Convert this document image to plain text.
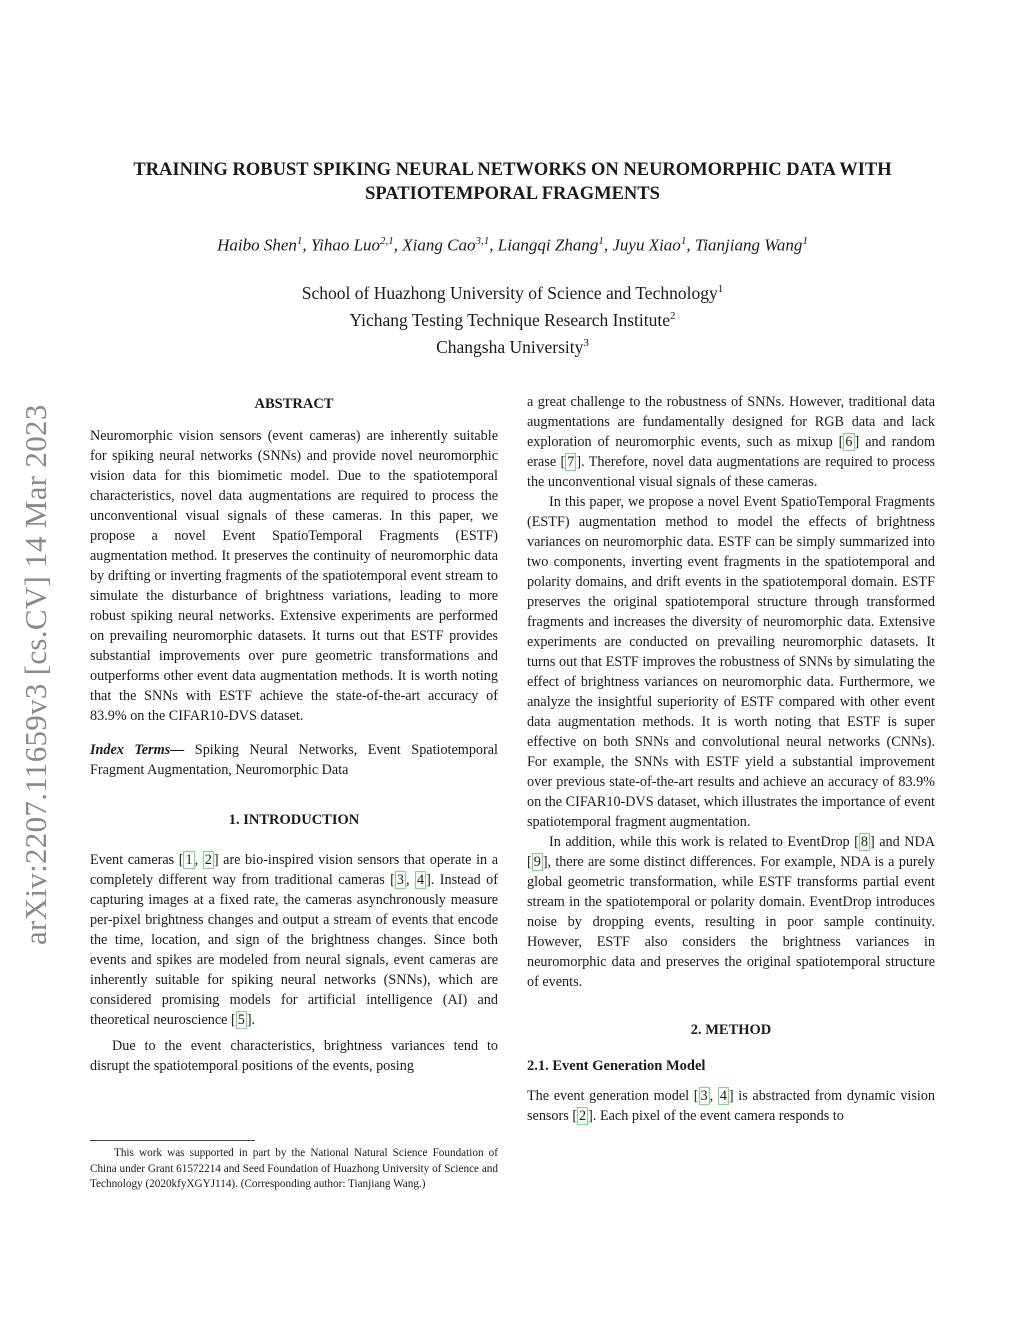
arXiv:2207.11659v3 [cs.CV] 14 Mar 2023
TRAINING ROBUST SPIKING NEURAL NETWORKS ON NEUROMORPHIC DATA WITH
SPATIOTEMPORAL FRAGMENTS
Haibo Shen$^1$, Yihao Luo$^{2,1}$, Xiang Cao$^{3,1}$, Liangqi Zhang$^1$, Juyu Xiao$^1$, Tianjiang Wang$^1$
School of Huazhong University of Science and Technology$^1$
Yichang Testing Technique Research Institute$^2$
Changsha University$^3$
ABSTRACT

Neuromorphic vision sensors (event cameras) are inherently suitable for spiking neural networks (SNNs) and provide novel neuromorphic vision data for this biomimetic model. Due to the spatiotemporal characteristics, novel data augmentations are required to process the unconventional visual signals of these cameras. In this paper, we propose a novel Event SpatioTemporal Fragments (ESTF) augmentation method. It preserves the continuity of neuromorphic data by drifting or inverting fragments of the spatiotemporal event stream to simulate the disturbance of brightness variations, leading to more robust spiking neural networks. Extensive experiments are performed on prevailing neuromorphic datasets. It turns out that ESTF provides substantial improvements over pure geometric transformations and outperforms other event data augmentation methods. It is worth noting that the SNNs with ESTF achieve the state-of-the-art accuracy of 83.9% on the CIFAR10-DVS dataset.

Index Terms— Spiking Neural Networks, Event Spatiotemporal Fragment Augmentation, Neuromorphic Data

1. INTRODUCTION

Event cameras [ 1 , 2 ] are bio-inspired vision sensors that operate in a completely different way from traditional cameras [ 3 , 4 ]. Instead of capturing images at a fixed rate, the cameras asynchronously measure per-pixel brightness changes and output a stream of events that encode the time, location, and sign of the brightness changes. Since both events and spikes are modeled from neural signals, event cameras are inherently suitable for spiking neural networks (SNNs), which are considered promising models for artificial intelligence (AI) and theoretical neuroscience [ 5 ].

Due to the event characteristics, brightness variances tend to disrupt the spatiotemporal positions of the events, posing

This work was supported in part by the National Natural Science Foundation of China under Grant 61572214 and Seed Foundation of Huazhong University of Science and Technology (2020kfyXGYJ114). (Corresponding author: Tianjiang Wang.)

a great challenge to the robustness of SNNs. However, traditional data augmentations are fundamentally designed for RGB data and lack exploration of neuromorphic events, such as mixup [ 6 ] and random erase [ 7 ]. Therefore, novel data augmentations are required to process the unconventional visual signals of these cameras.

In this paper, we propose a novel Event SpatioTemporal Fragments (ESTF) augmentation method to model the effects of brightness variances on neuromorphic data. ESTF can be simply summarized into two components, inverting event fragments in the spatiotemporal and polarity domains, and drift events in the spatiotemporal domain. ESTF preserves the original spatiotemporal structure through transformed fragments and increases the diversity of neuromorphic data. Extensive experiments are conducted on prevailing neuromorphic datasets. It turns out that ESTF improves the robustness of SNNs by simulating the effect of brightness variances on neuromorphic data. Furthermore, we analyze the insightful superiority of ESTF compared with other event data augmentation methods. It is worth noting that ESTF is super effective on both SNNs and convolutional neural networks (CNNs). For example, the SNNs with ESTF yield a substantial improvement over previous state-of-the-art results and achieve an accuracy of 83.9% on the CIFAR10-DVS dataset, which illustrates the importance of event spatiotemporal fragment augmentation.

In addition, while this work is related to EventDrop [ 8 ] and NDA [ 9 ], there are some distinct differences. For example, NDA is a purely global geometric transformation, while ESTF transforms partial event stream in the spatiotemporal or polarity domain. EventDrop introduces noise by dropping events, resulting in poor sample continuity. However, ESTF also considers the brightness variances in neuromorphic data and preserves the original spatiotemporal structure of events.

2. METHOD
2.1. Event Generation Model

The event generation model [ 3 , 4 ] is abstracted from dynamic vision sensors [ 2 ]. Each pixel of the event camera responds to
